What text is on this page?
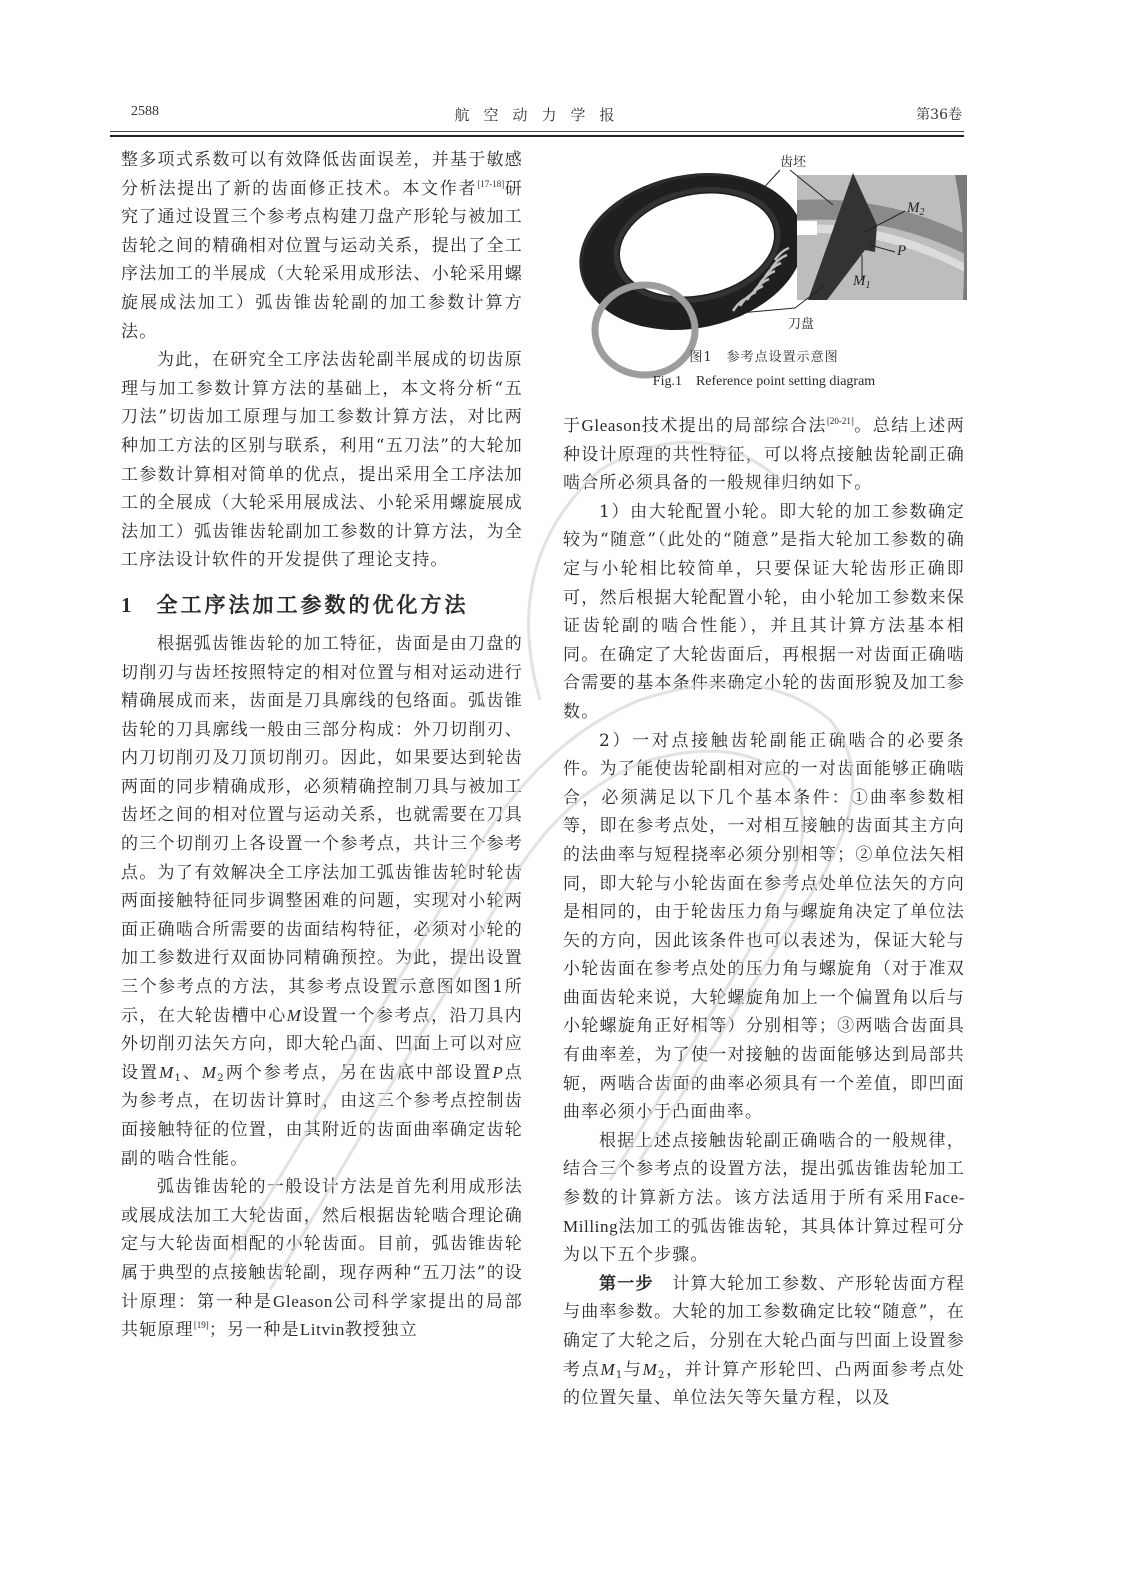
2588	航空动力学报	第36卷

整多项式系数可以有效降低齿面误差，并基于敏感分析法提出了新的齿面修正技术。本文作者[17-18]研究了通过设置三个参考点构建刀盘产形轮与被加工齿轮之间的精确相对位置与运动关系，提出了全工序法加工的半展成（大轮采用成形法、小轮采用螺旋展成法加工）弧齿锥齿轮副的加工参数计算方法。

为此，在研究全工序法齿轮副半展成的切齿原理与加工参数计算方法的基础上，本文将分析“五刀法”切齿加工原理与加工参数计算方法，对比两种加工方法的区别与联系，利用“五刀法”的大轮加工参数计算相对简单的优点，提出采用全工序法加工的全展成（大轮采用展成法、小轮采用螺旋展成法加工）弧齿锥齿轮副加工参数的计算方法，为全工序法设计软件的开发提供了理论支持。

1 全工序法加工参数的优化方法

根据弧齿锥齿轮的加工特征，齿面是由刀盘的切削刃与齿坯按照特定的相对位置与相对运动进行精确展成而来，齿面是刀具廓线的包络面。弧齿锥齿轮的刀具廓线一般由三部分构成：外刀切削刃、内刀切削刃及刀顶切削刃。因此，如果要达到轮齿两面的同步精确成形，必须精确控制刀具与被加工齿坯之间的相对位置与运动关系，也就需要在刀具的三个切削刃上各设置一个参考点，共计三个参考点。为了有效解决全工序法加工弧齿锥齿轮时轮齿两面接触特征同步调整困难的问题，实现对小轮两面正确啮合所需要的齿面结构特征，必须对小轮的加工参数进行双面协同精确预控。为此，提出设置三个参考点的方法，其参考点设置示意图如图1所示，在大轮齿槽中心M设置一个参考点，沿刀具内外切削刃法矢方向，即大轮凸面、凹面上可以对应设置$M_1$、$M_2$两个参考点，另在齿底中部设置P点为参考点，在切齿计算时，由这三个参考点控制齿面接触特征的位置，由其附近的齿面曲率确定齿轮副的啮合性能。

弧齿锥齿轮的一般设计方法是首先利用成形法或展成法加工大轮齿面，然后根据齿轮啮合理论确定与大轮齿面相配的小轮齿面。目前，弧齿锥齿轮属于典型的点接触齿轮副，现存两种“五刀法”的设计原理：第一种是Gleason公司科学家提出的局部共轭原理[19]；另一种是Litvin教授独立

齿坯
刀盘
$M_2$
P
$M_1$
图1　参考点设置示意图
Fig.1　Reference point setting diagram

于Gleason技术提出的局部综合法[20-21]。总结上述两种设计原理的共性特征，可以将点接触齿轮副正确啮合所必须具备的一般规律归纳如下。

1）由大轮配置小轮。即大轮的加工参数确定较为“随意”（此处的“随意”是指大轮加工参数的确定与小轮相比较简单，只要保证大轮齿形正确即可，然后根据大轮配置小轮，由小轮加工参数来保证齿轮副的啮合性能），并且其计算方法基本相同。在确定了大轮齿面后，再根据一对齿面正确啮合需要的基本条件来确定小轮的齿面形貌及加工参数。

2）一对点接触齿轮副能正确啮合的必要条件。为了能使齿轮副相对应的一对齿面能够正确啮合，必须满足以下几个基本条件：①曲率参数相等，即在参考点处，一对相互接触的齿面其主方向的法曲率与短程挠率必须分别相等；②单位法矢相同，即大轮与小轮齿面在参考点处单位法矢的方向是相同的，由于轮齿压力角与螺旋角决定了单位法矢的方向，因此该条件也可以表述为，保证大轮与小轮齿面在参考点处的压力角与螺旋角（对于准双曲面齿轮来说，大轮螺旋角加上一个偏置角以后与小轮螺旋角正好相等）分别相等；③两啮合齿面具有曲率差，为了使一对接触的齿面能够达到局部共轭，两啮合齿面的曲率必须具有一个差值，即凹面曲率必须小于凸面曲率。

根据上述点接触齿轮副正确啮合的一般规律，结合三个参考点的设置方法，提出弧齿锥齿轮加工参数的计算新方法。该方法适用于所有采用Face-Milling法加工的弧齿锥齿轮，其具体计算过程可分为以下五个步骤。

第一步　计算大轮加工参数、产形轮齿面方程与曲率参数。大轮的加工参数确定比较“随意”，在确定了大轮之后，分别在大轮凸面与凹面上设置参考点$M_1$与$M_2$，并计算产形轮凹、凸两面参考点处的位置矢量、单位法矢等矢量方程，以及
